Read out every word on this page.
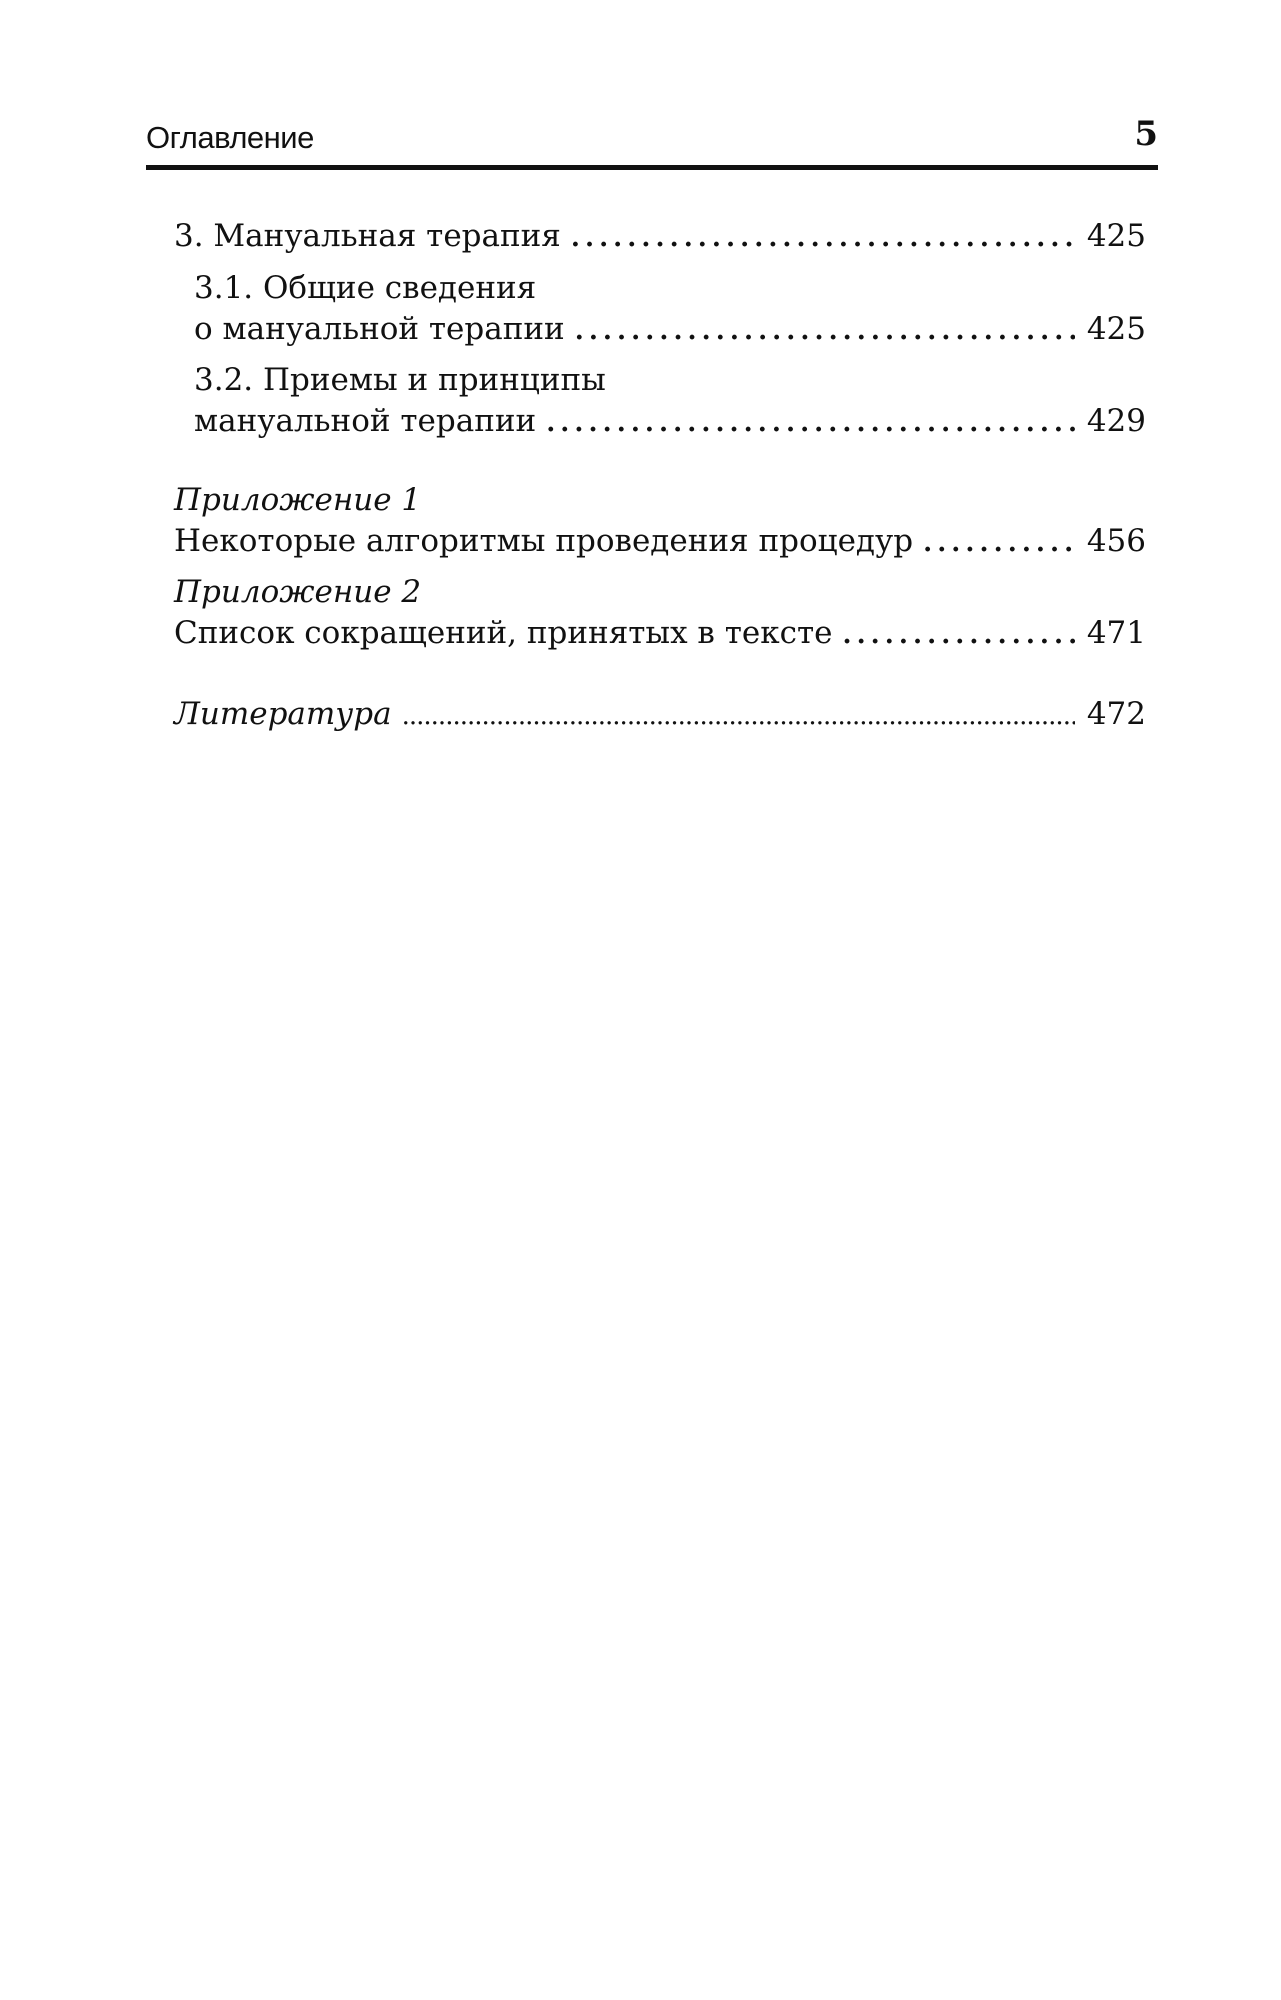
Оглавление	5
3. Мануальная терапия . . .	425
3.1. Общие сведения
о мануальной терапии . . .	425
3.2. Приемы и принципы
мануальной терапии . . .	429
Приложение 1
Некоторые алгоритмы проведения процедур . . .	456
Приложение 2
Список сокращений, принятых в тексте . . .	471
Литература .....	472
